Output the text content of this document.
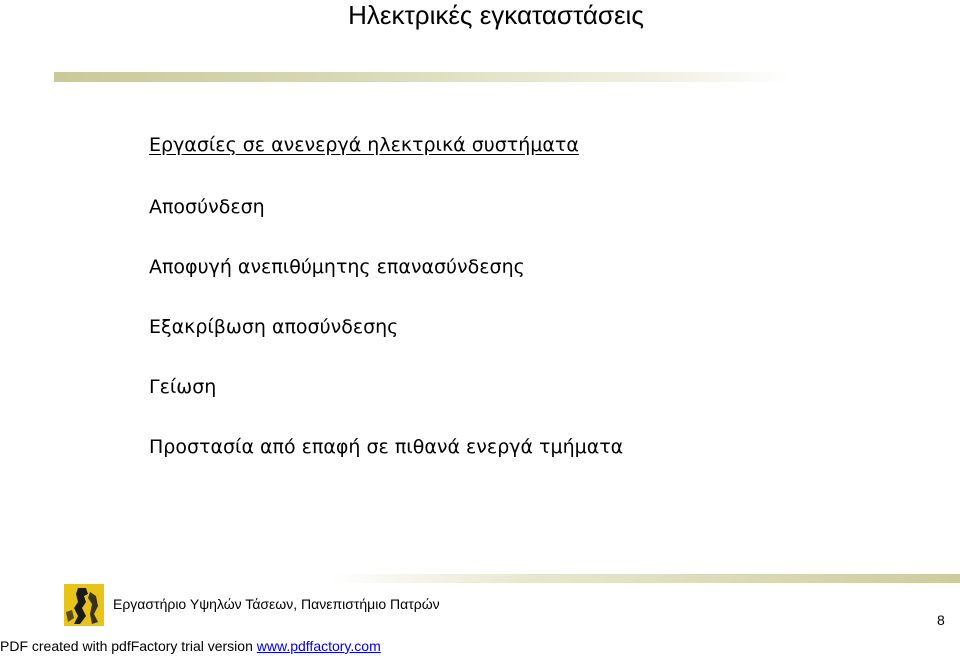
Ηλεκτρικές εγκαταστάσεις
Εργασίες σε ανενεργά ηλεκτρικά συστήματα
Αποσύνδεση
Αποφυγή ανεπιθύμητης επανασύνδεσης
Εξακρίβωση αποσύνδεσης
Γείωση
Προστασία από επαφή σε πιθανά ενεργά τμήματα
Εργαστήριο Υψηλών Τάσεων, Πανεπιστήμιο Πατρών
8
PDF created with pdfFactory trial version www.pdffactory.com
